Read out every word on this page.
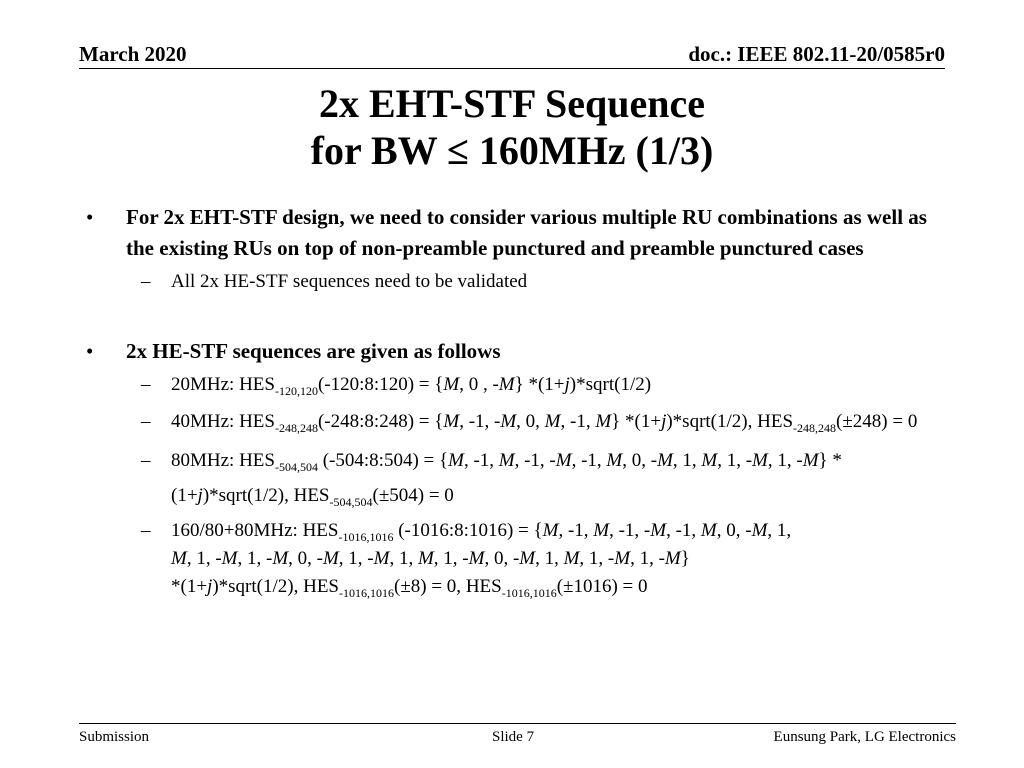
March 2020	doc.: IEEE 802.11-20/0585r0
2x EHT-STF Sequence
for BW ≤ 160MHz (1/3)
• For 2x EHT-STF design, we need to consider various multiple RU combinations as well as the existing RUs on top of non-preamble punctured and preamble punctured cases
– All 2x HE-STF sequences need to be validated
• 2x HE-STF sequences are given as follows
– 20MHz: $HES_{-120,120}(-120:8:120) = \{M$, 0 , -M} *(1+j)*sqrt(1/2)
– 40MHz: $HES_{-248,248}(-248:8:248) = \{M$, -1, -M, 0, M, -1, M} *(1+j)*sqrt(1/2), $HES_{-248,248}(\pm 248) = 0$
– 80MHz: $HES_{-504,504}$ (-504:8:504) = {M, -1, M, -1, -M, -1, M, 0, -M, 1, M, 1, -M, 1, -M} *(1+j)*sqrt(1/2), $HES_{-504,504}(\pm 504) = 0$
– 160/80+80MHz: $HES_{-1016,1016}$ (-1016:8:1016) = {M, -1, M, -1, -M, -1, M, 0, -M, 1,
M, 1, -M, 1, -M, 0, -M, 1, -M, 1, M, 1, -M, 0, -M, 1, M, 1, -M, 1, -M}
*(1+j)*sqrt(1/2), $HES_{-1016,1016}(\pm 8) = 0$, $HES_{-1016,1016}(\pm 1016) = 0$
Submission	Slide 7	Eunsung Park, LG Electronics
